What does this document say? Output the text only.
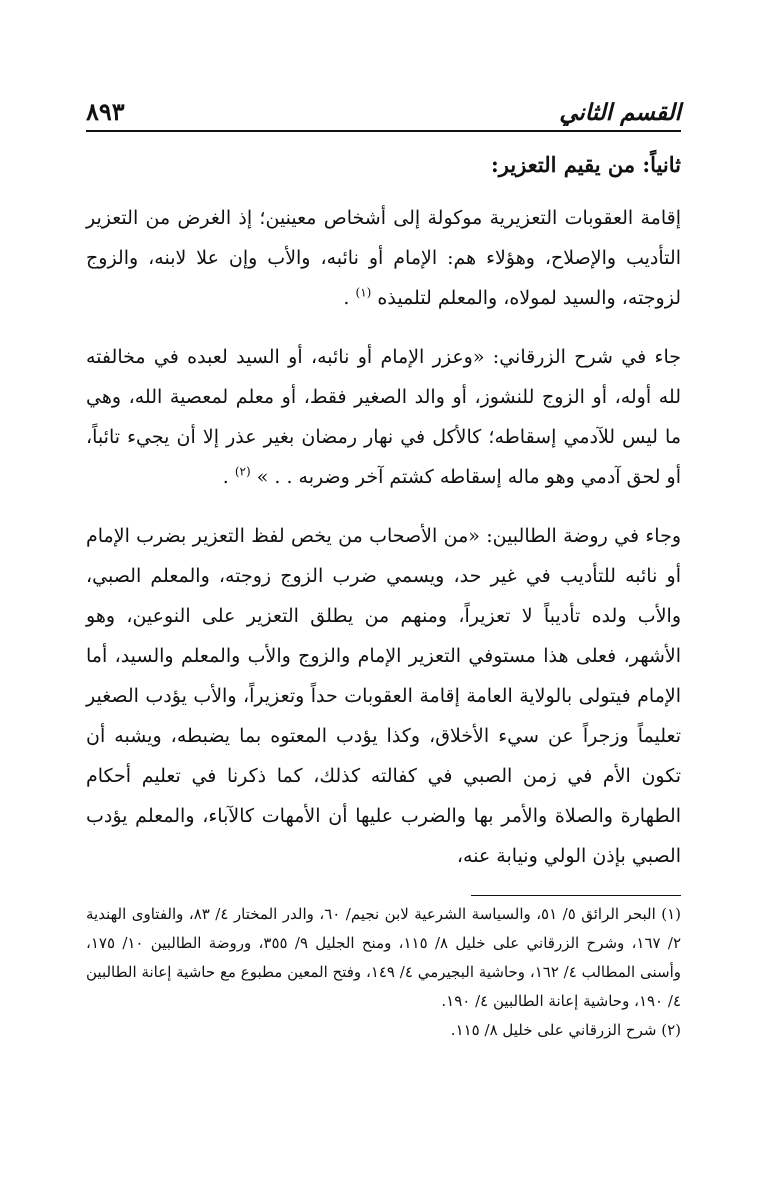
القسم الثاني
٨٩٣
ثانياً: من يقيم التعزير:

إقامة العقوبات التعزيرية موكولة إلى أشخاص معينين؛ إذ الغرض من التعزير التأديب والإصلاح، وهؤلاء هم: الإمام أو نائبه، والأب وإن علا لابنه، والزوج لزوجته، والسيد لمولاه، والمعلم لتلميذه $^{(١)}$ .

جاء في شرح الزرقاني: «وعزر الإمام أو نائبه، أو السيد لعبده في مخالفته لله أوله، أو الزوج للنشوز، أو والد الصغير فقط، أو معلم لمعصية الله، وهي ما ليس للآدمي إسقاطه؛ كالأكل في نهار رمضان بغير عذر إلا أن يجيء تائباً، أو لحق آدمي وهو ماله إسقاطه كشتم آخر وضربه . . » $^{(٢)}$ .

وجاء في روضة الطالبين: «من الأصحاب من يخص لفظ التعزير بضرب الإمام أو نائبه للتأديب في غير حد، ويسمي ضرب الزوج زوجته، والمعلم الصبي، والأب ولده تأديباً لا تعزيراً، ومنهم من يطلق التعزير على النوعين، وهو الأشهر، فعلى هذا مستوفي التعزير الإمام والزوج والأب والمعلم والسيد، أما الإمام فيتولى بالولاية العامة إقامة العقوبات حداً وتعزيراً، والأب يؤدب الصغير تعليماً وزجراً عن سيء الأخلاق، وكذا يؤدب المعتوه بما يضبطه، ويشبه أن تكون الأم في زمن الصبي في كفالته كذلك، كما ذكرنا في تعليم أحكام الطهارة والصلاة والأمر بها والضرب عليها أن الأمهات كالآباء، والمعلم يؤدب الصبي بإذن الولي ونيابة عنه،

(١) البحر الرائق ٥/ ٥١، والسياسة الشرعية لابن نجيم/ ٦٠، والدر المختار ٤/ ٨٣، والفتاوى الهندية ٢/ ١٦٧، وشرح الزرقاني على خليل ٨/ ١١٥، ومنح الجليل ٩/ ٣٥٥، وروضة الطالبين ١٠/ ١٧٥، وأسنى المطالب ٤/ ١٦٢، وحاشية البجيرمي ٤/ ١٤٩، وفتح المعين مطبوع مع حاشية إعانة الطالبين ٤/ ١٩٠، وحاشية إعانة الطالبين ٤/ ١٩٠.

(٢) شرح الزرقاني على خليل ٨/ ١١٥.
